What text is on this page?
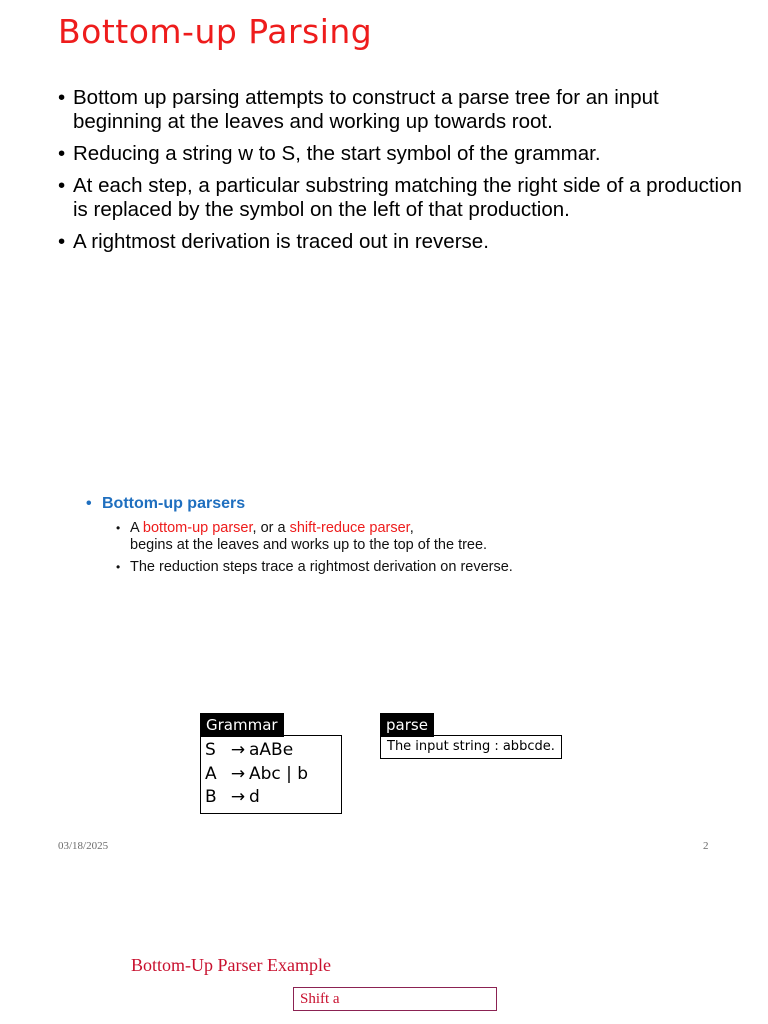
Bottom-up Parsing
• Bottom up parsing attempts to construct a parse tree for an input beginning at the leaves and working up towards root.
• Reducing a string w to S, the start symbol of the grammar.
• At each step, a particular substring matching the right side of a production is replaced by the symbol on the left of that production.
• A rightmost derivation is traced out in reverse.
• Bottom-up parsers
• A bottom-up parser, or a shift-reduce parser,
begins at the leaves and works up to the top of the tree.
• The reduction steps trace a rightmost derivation on reverse.
Grammar
S → aABe
A → Abc | b
B → d
parse
The input string : abbcde.
03/18/2025	2
Bottom-Up Parser Example
Shift a
